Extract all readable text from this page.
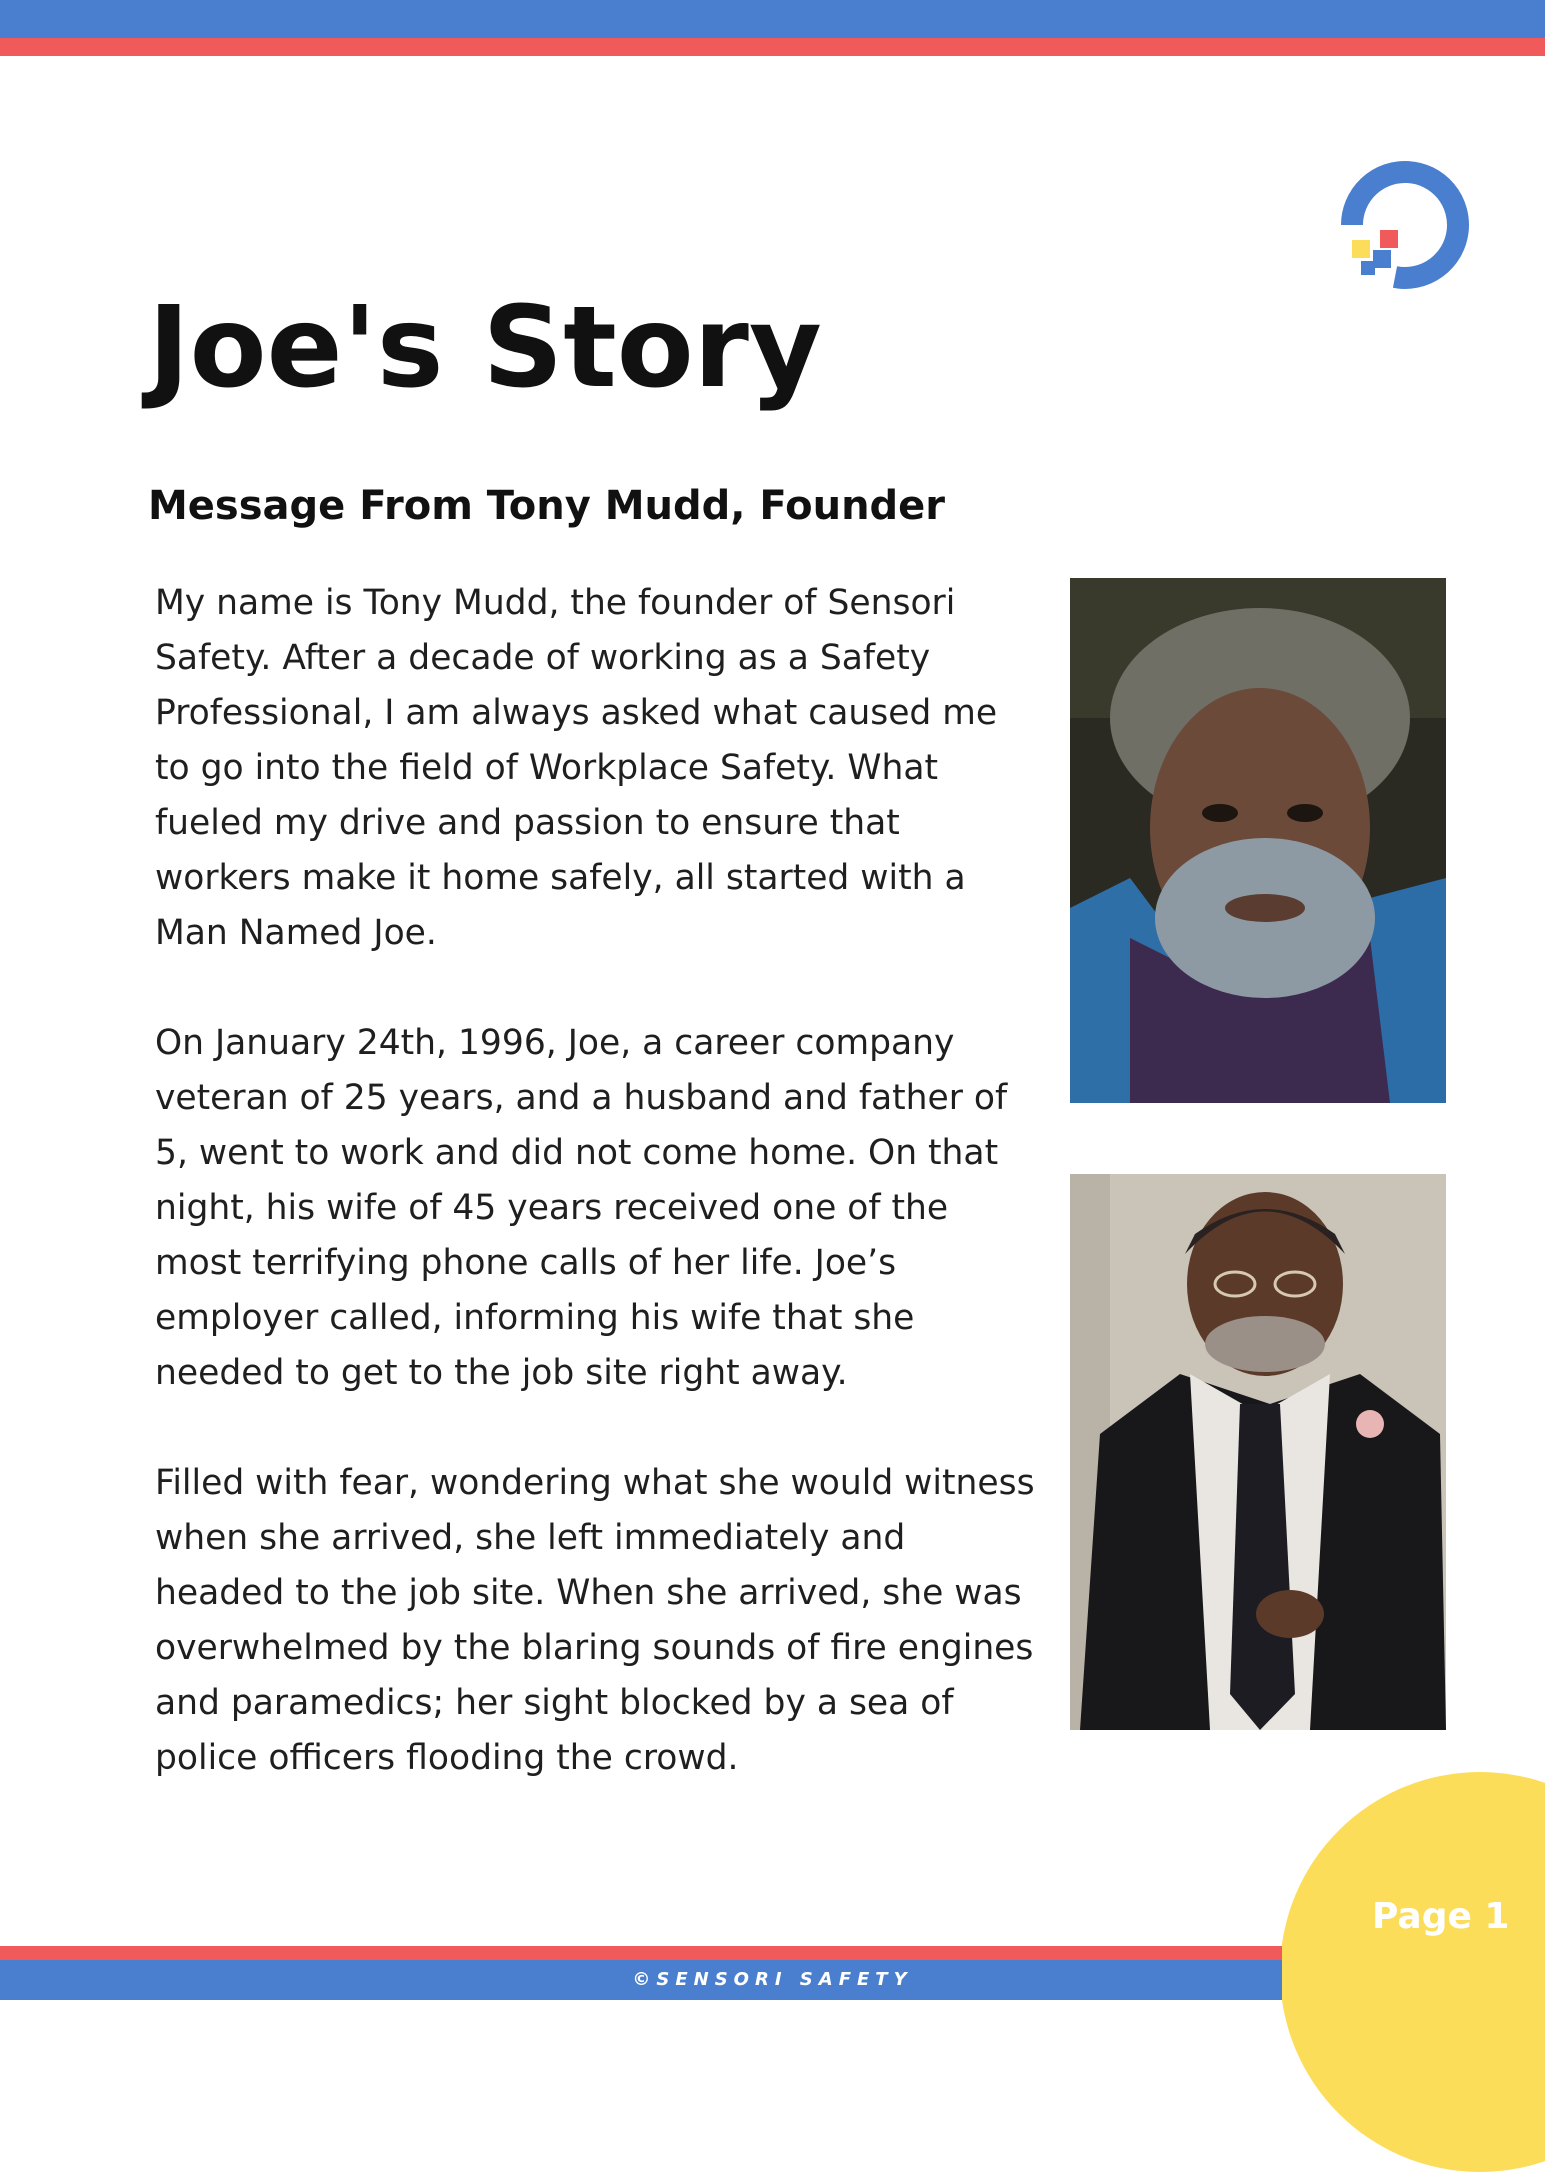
Joe's Story
Message From Tony Mudd, Founder

My name is Tony Mudd, the founder of Sensori Safety. After a decade of working as a Safety Professional, I am always asked what caused me to go into the field of Workplace Safety. What fueled my drive and passion to ensure that workers make it home safely, all started with a Man Named Joe.

On January 24th, 1996, Joe, a career company veteran of 25 years, and a husband and father of 5, went to work and did not come home. On that night, his wife of 45 years received one of the most terrifying phone calls of her life. Joe’s employer called, informing his wife that she needed to get to the job site right away.

Filled with fear, wondering what she would witness when she arrived, she left immediately and headed to the job site. When she arrived, she was overwhelmed by the blaring sounds of fire engines and paramedics; her sight blocked by a sea of police officers flooding the crowd.

Page 1
©SENSORI SAFETY
